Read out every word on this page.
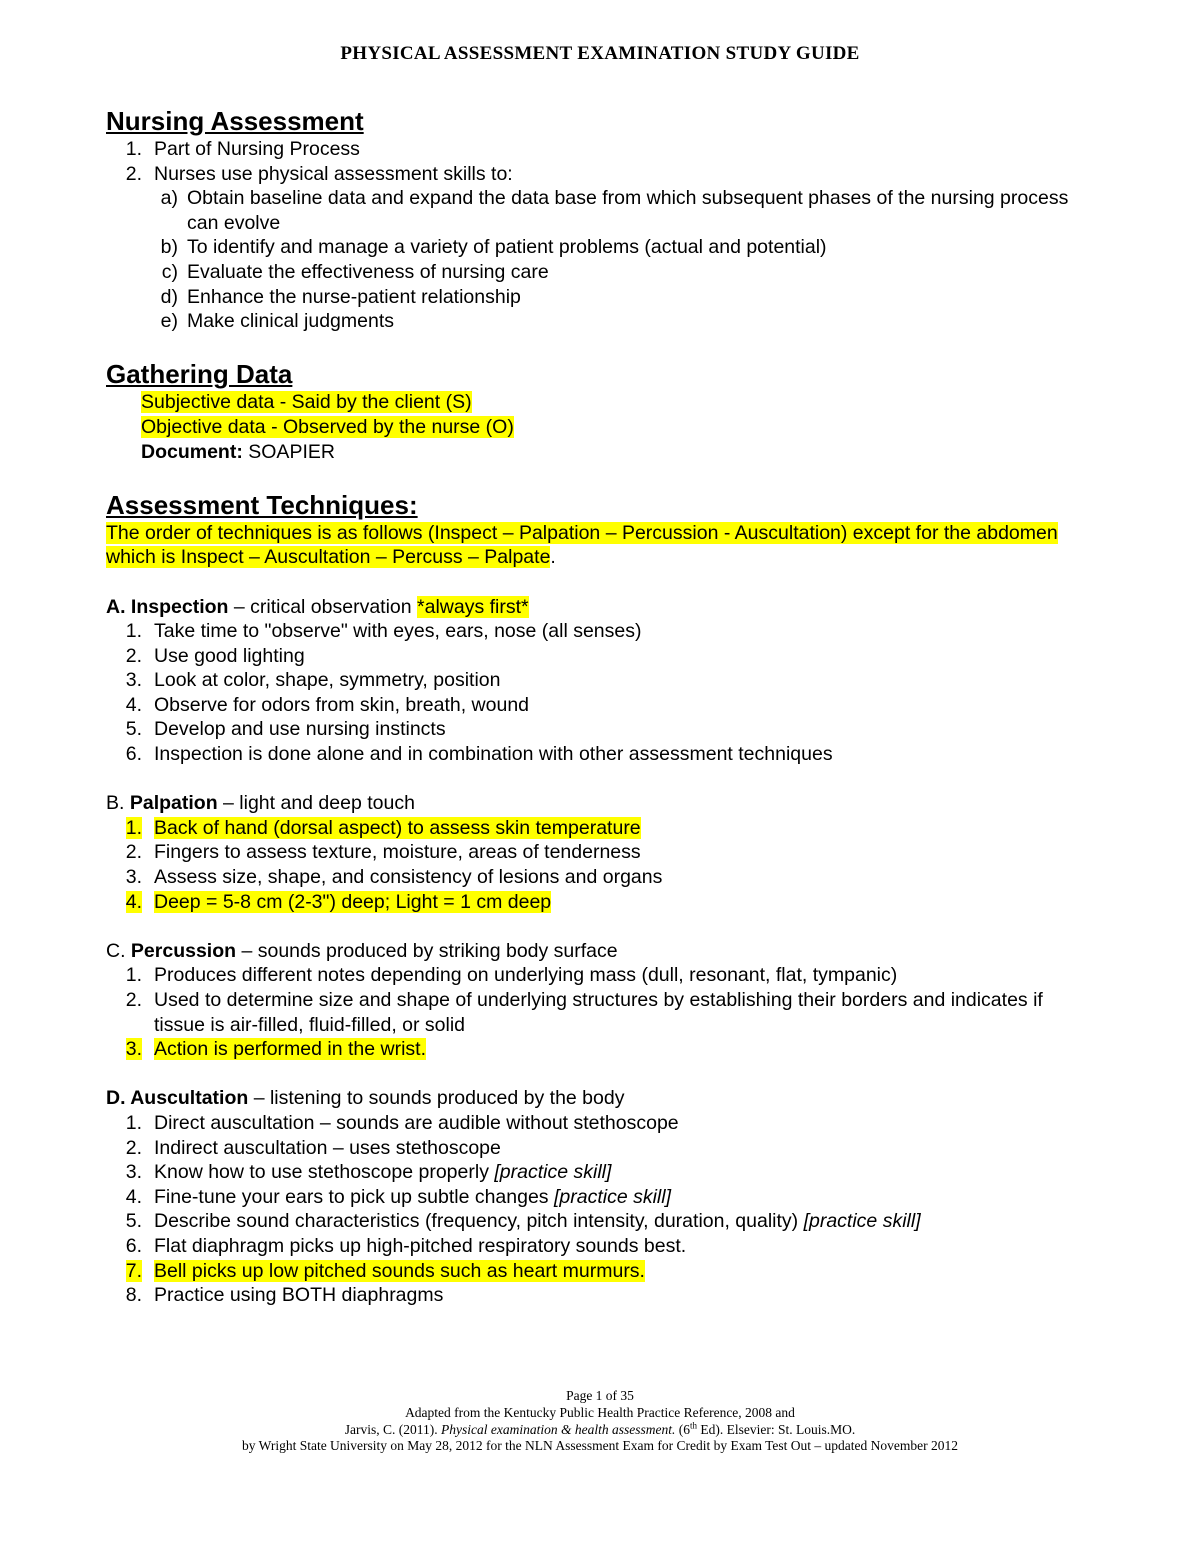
PHYSICAL ASSESSMENT EXAMINATION STUDY GUIDE
Nursing Assessment
1. Part of Nursing Process
2. Nurses use physical assessment skills to:
a) Obtain baseline data and expand the data base from which subsequent phases of the nursing process can evolve
b) To identify and manage a variety of patient problems (actual and potential)
c) Evaluate the effectiveness of nursing care
d) Enhance the nurse-patient relationship
e) Make clinical judgments
Gathering Data
Subjective data - Said by the client (S)
Objective data - Observed by the nurse (O)
Document: SOAPIER
Assessment Techniques:
The order of techniques is as follows (Inspect – Palpation – Percussion - Auscultation) except for the abdomen which is Inspect – Auscultation – Percuss – Palpate.
A. Inspection – critical observation *always first*
1. Take time to "observe" with eyes, ears, nose (all senses)
2. Use good lighting
3. Look at color, shape, symmetry, position
4. Observe for odors from skin, breath, wound
5. Develop and use nursing instincts
6. Inspection is done alone and in combination with other assessment techniques
B. Palpation – light and deep touch
1. Back of hand (dorsal aspect) to assess skin temperature
2. Fingers to assess texture, moisture, areas of tenderness
3. Assess size, shape, and consistency of lesions and organs
4. Deep = 5-8 cm (2-3") deep; Light = 1 cm deep
C. Percussion – sounds produced by striking body surface
1. Produces different notes depending on underlying mass (dull, resonant, flat, tympanic)
2. Used to determine size and shape of underlying structures by establishing their borders and indicates if tissue is air-filled, fluid-filled, or solid
3. Action is performed in the wrist.
D. Auscultation – listening to sounds produced by the body
1. Direct auscultation – sounds are audible without stethoscope
2. Indirect auscultation – uses stethoscope
3. Know how to use stethoscope properly [practice skill]
4. Fine-tune your ears to pick up subtle changes [practice skill]
5. Describe sound characteristics (frequency, pitch intensity, duration, quality) [practice skill]
6. Flat diaphragm picks up high-pitched respiratory sounds best.
7. Bell picks up low pitched sounds such as heart murmurs.
8. Practice using BOTH diaphragms
Page 1 of 35
Adapted from the Kentucky Public Health Practice Reference, 2008 and
Jarvis, C. (2011). Physical examination & health assessment. (6th Ed). Elsevier: St. Louis.MO.
by Wright State University on May 28, 2012 for the NLN Assessment Exam for Credit by Exam Test Out – updated November 2012
